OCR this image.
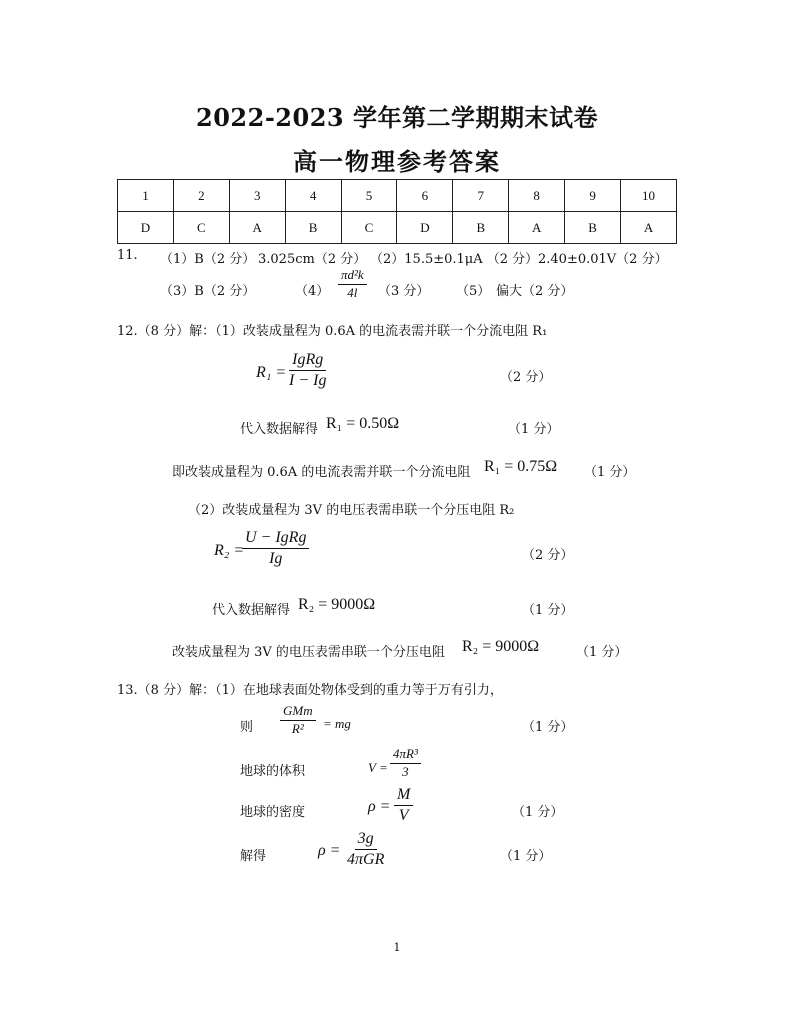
2022-2023 学年第二学期期末试卷
高一物理参考答案
1	2	3	4	5	6	7	8	9	10
D	C	A	B	C	D	B	A	B	A
11. （1）B（2 分） 3.025cm（2 分） （2）15.5±0.1μA （2 分） 2.40±0.01V（2 分）
（3）B（2 分）	$(4) \frac{\text{πd²k}}{4l} (3$ 分） （5） 偏大（2 分）
12.（8 分）解：（1）改装成量程为 0.6A 的电流表需并联一个分流电阻 R₁
$R_1 = \frac{\text{IgRg}}{I - Ig}$	（2 分）
代入数据解得 R₁ = 0.50Ω	（1 分）
即改装成量程为 0.6A 的电流表需并联一个分流电阻 R₁ = 0.75Ω （1 分）
（2）改装成量程为 3V 的电压表需串联一个分压电阻 R₂
R₂ =
$\frac{\text{U − IgRg}}{Ig}$	（2 分）
代入数据解得 R₂ = 9000Ω	（1 分）
改装成量程为 3V 的电压表需串联一个分压电阻 R₂ = 9000Ω	（1 分）
13.（8 分）解：（1）在地球表面处物体受到的重力等于万有引力，
则 $\frac{\text{GMm}}{\text{R²}}$ = mg	（1 分）
地球的体积	$V = \frac{\text{4πR³}}{3}$
地球的密度	$\rho = \frac{M}{V}$	（1 分）
解得	$\rho = \frac{3g}{\text{4πGR}}$	（1 分）
1
